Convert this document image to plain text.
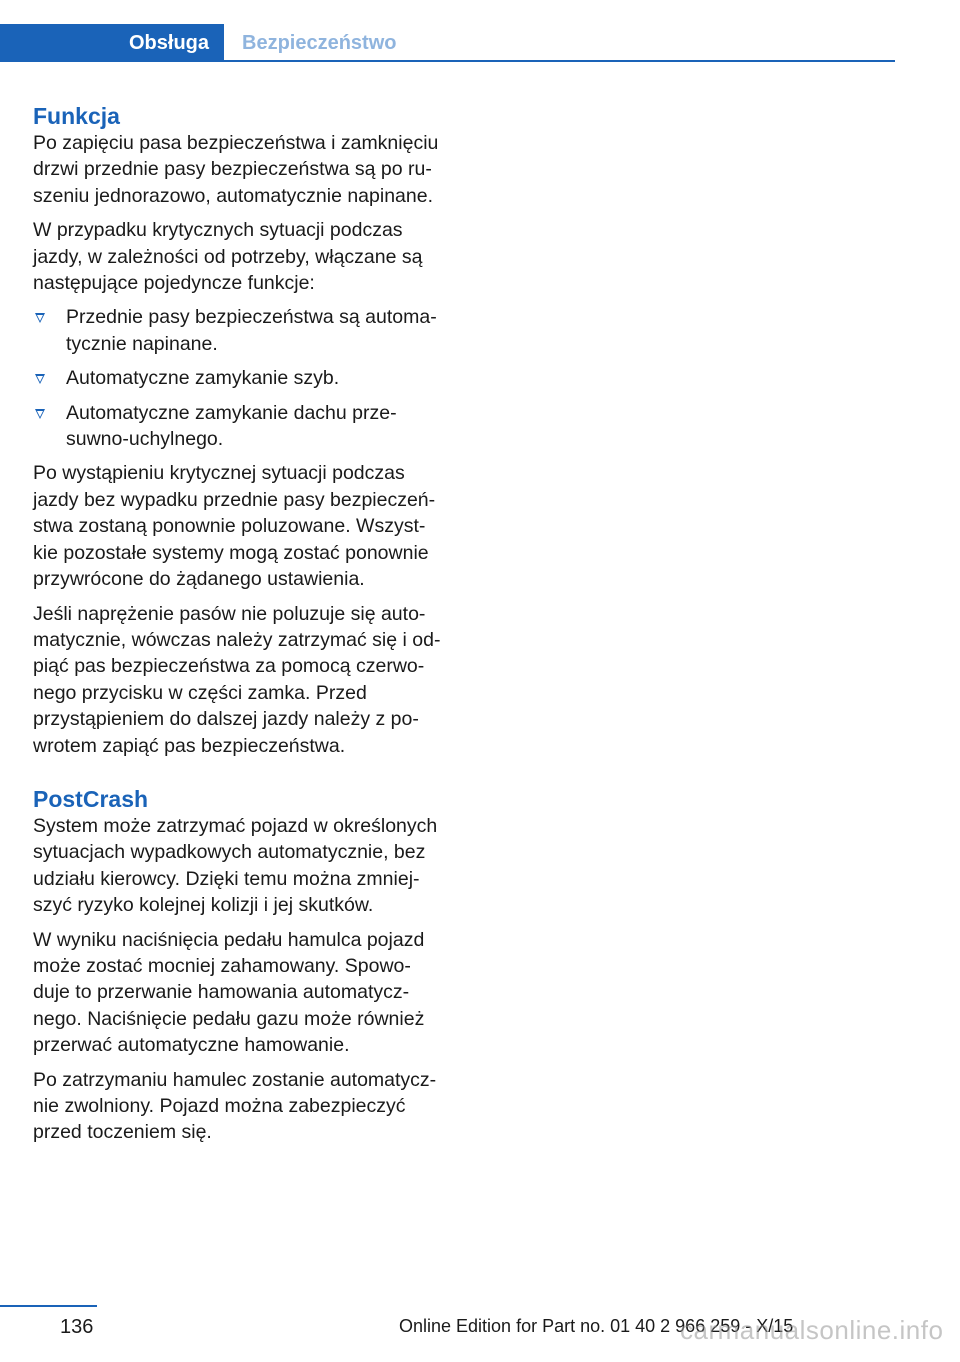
Obsługa	Bezpieczeństwo
Funkcja

Po zapięciu pasa bezpieczeństwa i zamknięciu drzwi przednie pasy bezpieczeństwa są po ru‐ szeniu jednorazowo, automatycznie napinane.

W przypadku krytycznych sytuacji podczas jazdy, w zależności od potrzeby, włączane są następujące pojedyncze funkcje:

Przednie pasy bezpieczeństwa są automa‐ tycznie napinane.
Automatyczne zamykanie szyb.
Automatyczne zamykanie dachu prze‐ suwno-uchylnego.

Po wystąpieniu krytycznej sytuacji podczas jazdy bez wypadku przednie pasy bezpieczeń‐ stwa zostaną ponownie poluzowane. Wszyst‐ kie pozostałe systemy mogą zostać ponownie przywrócone do żądanego ustawienia.

Jeśli naprężenie pasów nie poluzuje się auto‐ matycznie, wówczas należy zatrzymać się i od‐ piąć pas bezpieczeństwa za pomocą czerwo‐ nego przycisku w części zamka. Przed przystąpieniem do dalszej jazdy należy z po‐ wrotem zapiąć pas bezpieczeństwa.

PostCrash

System może zatrzymać pojazd w określonych sytuacjach wypadkowych automatycznie, bez udziału kierowcy. Dzięki temu można zmniej‐ szyć ryzyko kolejnej kolizji i jej skutków.

W wyniku naciśnięcia pedału hamulca pojazd może zostać mocniej zahamowany. Spowo‐ duje to przerwanie hamowania automatycz‐ nego. Naciśnięcie pedału gazu może również przerwać automatyczne hamowanie.

Po zatrzymaniu hamulec zostanie automatycz‐ nie zwolniony. Pojazd można zabezpieczyć przed toczeniem się.

136	Online Edition for Part no. 01 40 2 966 259 - X/15
carmanualsonline.info
